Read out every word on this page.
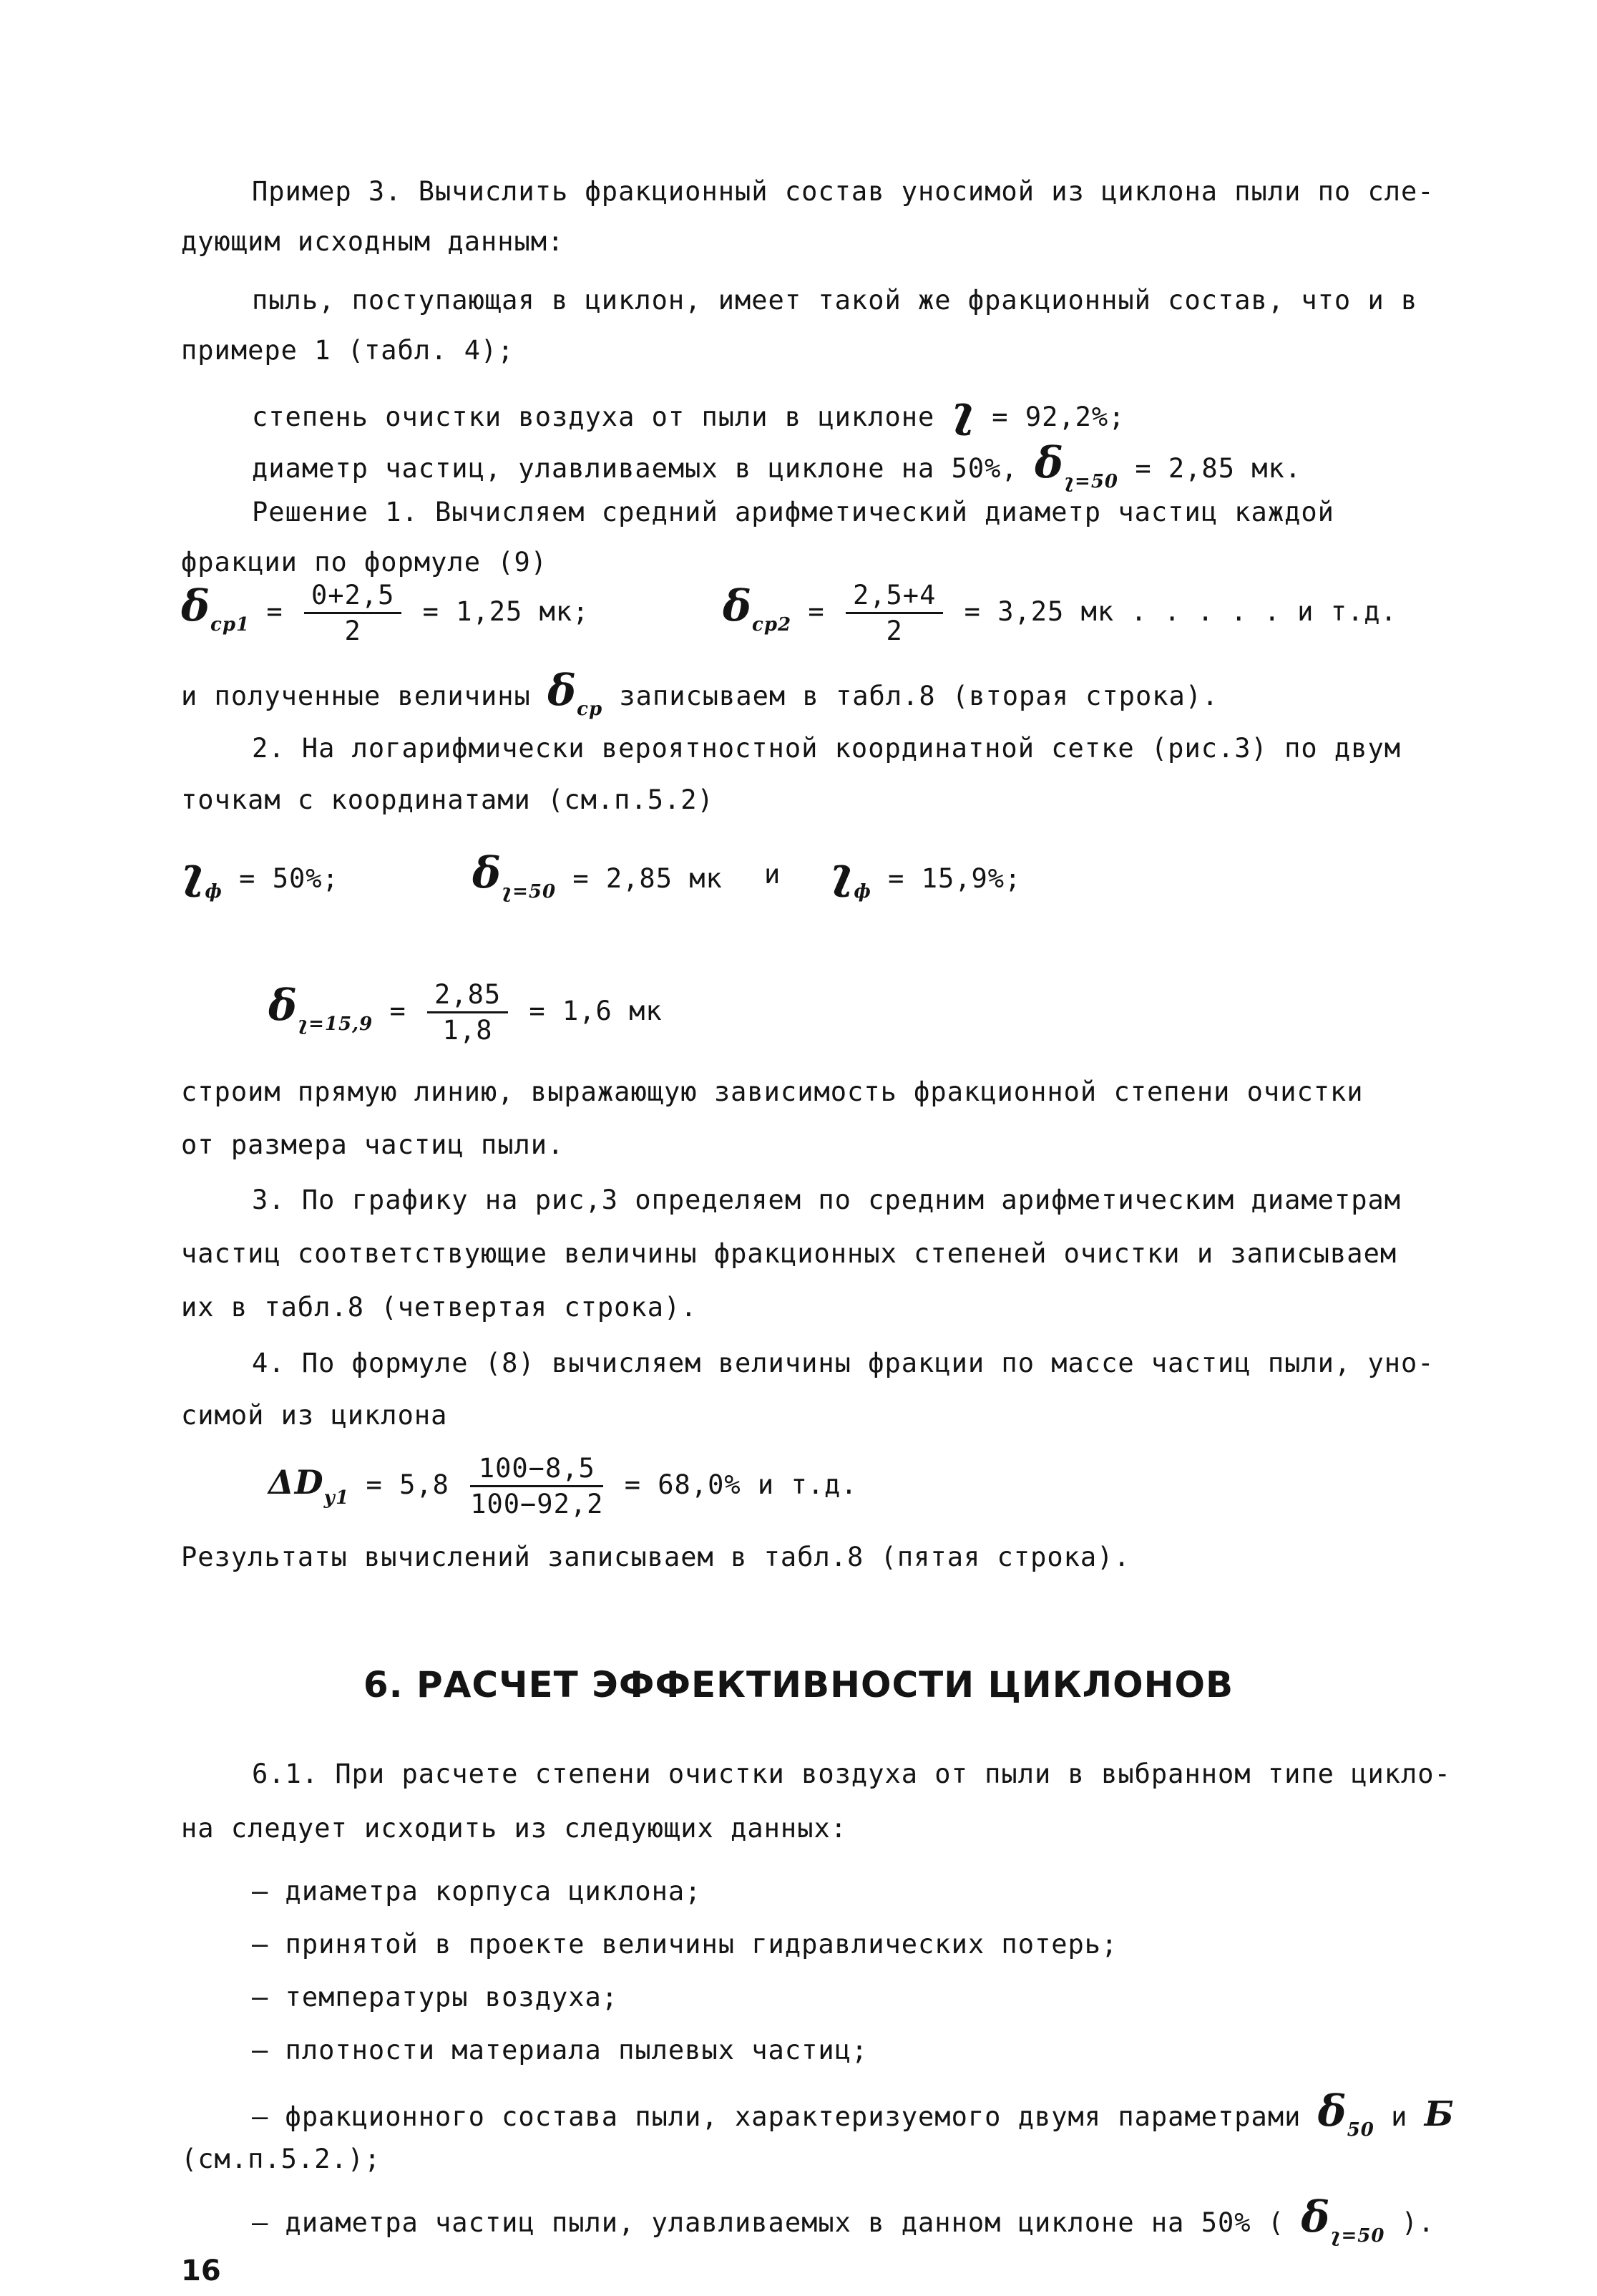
Пример 3. Вычислить фракционный состав уносимой из циклона пыли по сле-
дующим исходным данным:
пыль, поступающая в циклон, имеет такой же фракционный состав, что и в
примере 1 (табл. 4);
степень очистки воздуха от пыли в циклоне ʅ = 92,2%;
диаметр частиц, улавливаемых в циклоне на 50%, $\delta_{ʅ=50} = 2,85$ мк.
Решение 1. Вычисляем средний арифметический диаметр частиц каждой
фракции по формуле (9)
$\delta_{ср1} = \frac{0+2,5}{2} = 1,25$ мк;	$\delta_{ср2} = \frac{2,5+4}{2} = 3,25$ мк . . . . . и т.д.
и полученные величины $\delta_{ср}$ записываем в табл.8 (вторая строка).
2. На логарифмически вероятностной координатной сетке (рис.3) по двум
точкам с координатами (см.п.5.2)
ʅ$_ф$ = 50%;	$\delta_{ʅ=50} = 2,85$ мк и ʅ$_ф$ = 15,9%;
$\delta_{ʅ=15,9} = \frac{2,85}{1,8} = 1,6$ мк
строим прямую линию, выражающую зависимость фракционной степени очистки
от размера частиц пыли.
3. По графику на рис,3 определяем по средним арифметическим диаметрам
частиц соответствующие величины фракционных степеней очистки и записываем
их в табл.8 (четвертая строка).
4. По формуле (8) вычисляем величины фракции по массе частиц пыли, уно-
симой из циклона
$\Delta D_{у1} = 5,8 \frac{100-8,5}{100-92,2} = 68,0\%$ и т.д.
Результаты вычислений записываем в табл.8 (пятая строка).
6. РАСЧЕТ ЭФФЕКТИВНОСТИ ЦИКЛОНОВ
6.1. При расчете степени очистки воздуха от пыли в выбранном типе цикло-
на следует исходить из следующих данных:
– диаметра корпуса циклона;
– принятой в проекте величины гидравлических потерь;
– температуры воздуха;
– плотности материала пылевых частиц;
– фракционного состава пыли, характеризуемого двумя параметрами $\delta_{50}$ и Б
(см.п.5.2.);
– диаметра частиц пыли, улавливаемых в данном циклоне на 50% ( $\delta_{ʅ=50}$ ).
16
